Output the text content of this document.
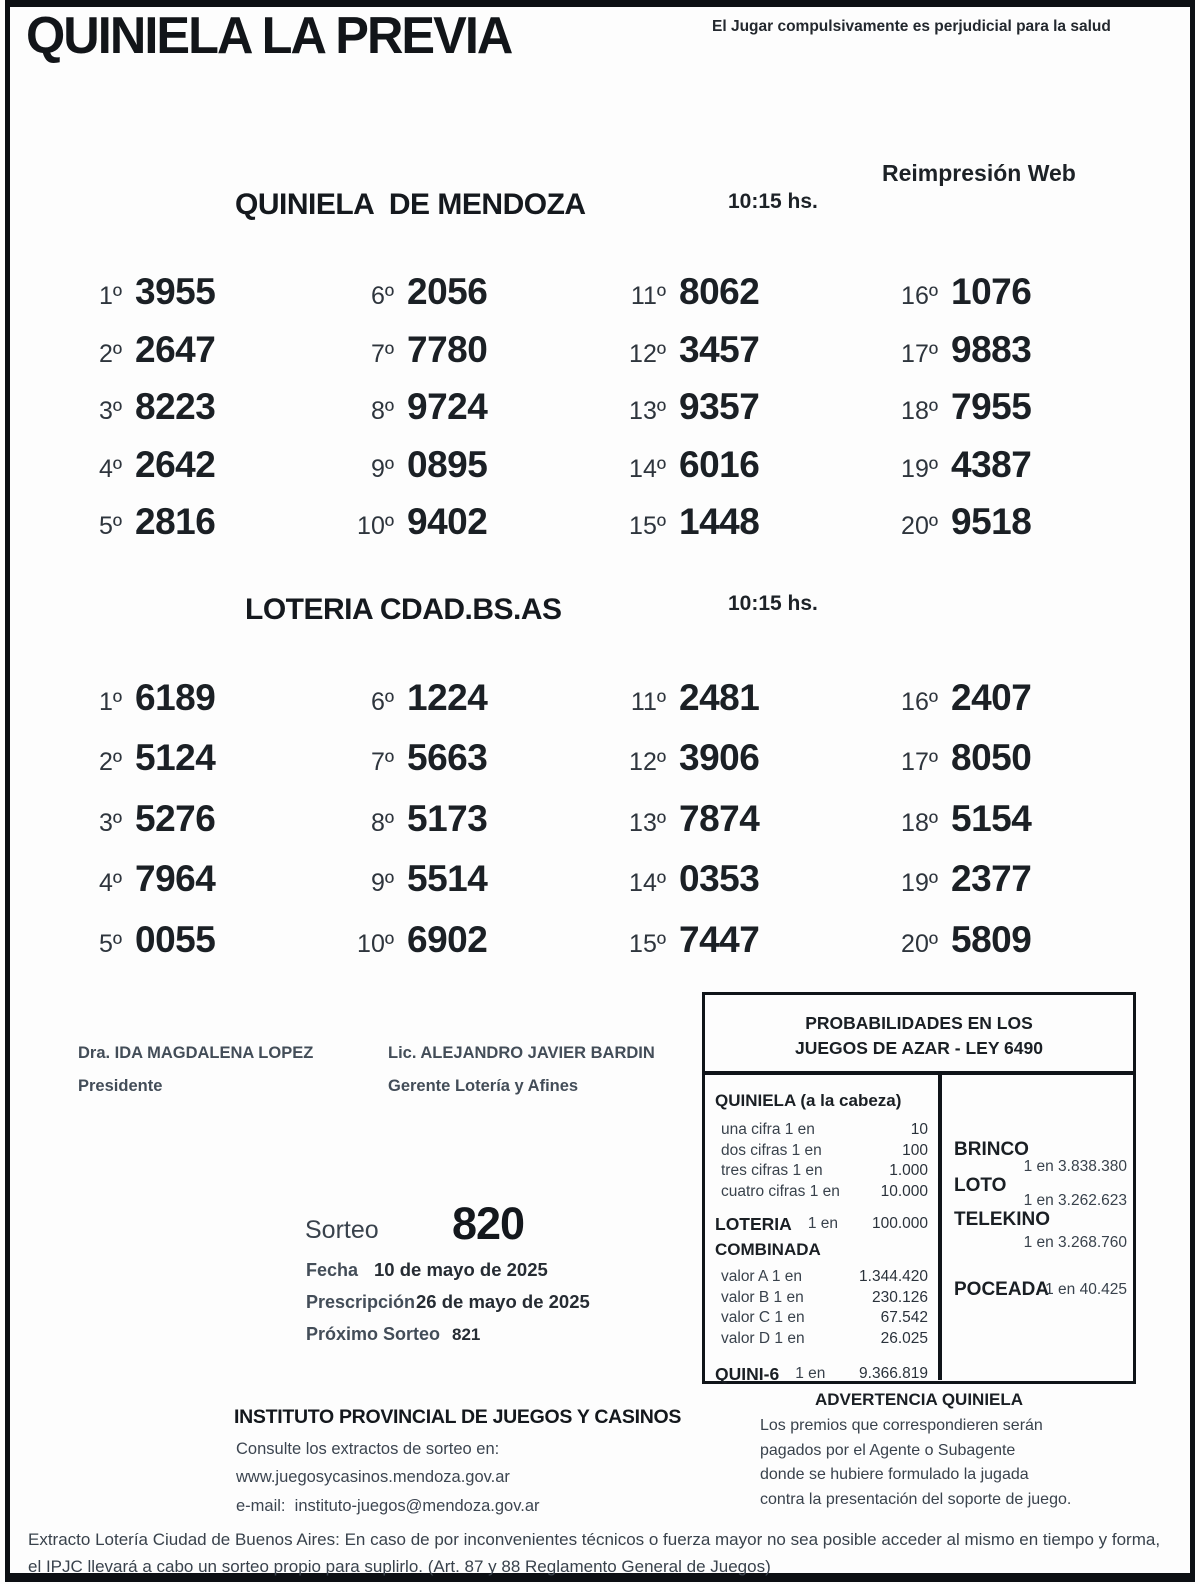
QUINIELA LA PREVIA	El Jugar compulsivamente es perjudicial para la salud
Reimpresión Web
QUINIELA  DE MENDOZA	10:15 hs.
1º 3955
2º 2647
3º 8223
4º 2642
5º 2816
6º 2056
7º 7780
8º 9724
9º 0895
10º 9402
11º 8062
12º 3457
13º 9357
14º 6016
15º 1448
16º 1076
17º 9883
18º 7955
19º 4387
20º 9518
LOTERIA CDAD.BS.AS	10:15 hs.
1º 6189
2º 5124
3º 5276
4º 7964
5º 0055
6º 1224
7º 5663
8º 5173
9º 5514
10º 6902
11º 2481
12º 3906
13º 7874
14º 0353
15º 7447
16º 2407
17º 8050
18º 5154
19º 2377
20º 5809
Dra. IDA MAGDALENA LOPEZ
Presidente
Lic. ALEJANDRO JAVIER BARDIN
Gerente Lotería y Afines
Sorteo 820
Fecha 10 de mayo de 2025
Prescripción 26 de mayo de 2025
Próximo Sorteo 821
PROBABILIDADES EN LOS
JUEGOS DE AZAR - LEY 6490
QUINIELA (a la cabeza)
una cifra 1 en	10
dos cifras 1 en	100
tres cifras 1 en	1.000
cuatro cifras 1 en	10.000
LOTERIA 1 en 100.000
COMBINADA
valor A 1 en	1.344.420
valor B 1 en	230.126
valor C 1 en	67.542
valor D 1 en	26.025
QUINI-6 1 en 9.366.819
BRINCO
1 en 3.838.380
LOTO
1 en 3.262.623
TELEKINO
1 en 3.268.760
POCEADA
1 en 40.425
ADVERTENCIA QUINIELA
Los premios que correspondieren serán
pagados por el Agente o Subagente
donde se hubiere formulado la jugada
contra la presentación del soporte de juego.
INSTITUTO PROVINCIAL DE JUEGOS Y CASINOS
Consulte los extractos de sorteo en:
www.juegosycasinos.mendoza.gov.ar
e-mail:  instituto-juegos@mendoza.gov.ar
Extracto Lotería Ciudad de Buenos Aires: En caso de por inconvenientes técnicos o fuerza mayor no sea posible acceder al mismo en tiempo y forma, el IPJC llevará a cabo un sorteo propio para suplirlo. (Art. 87 y 88 Reglamento General de Juegos)
